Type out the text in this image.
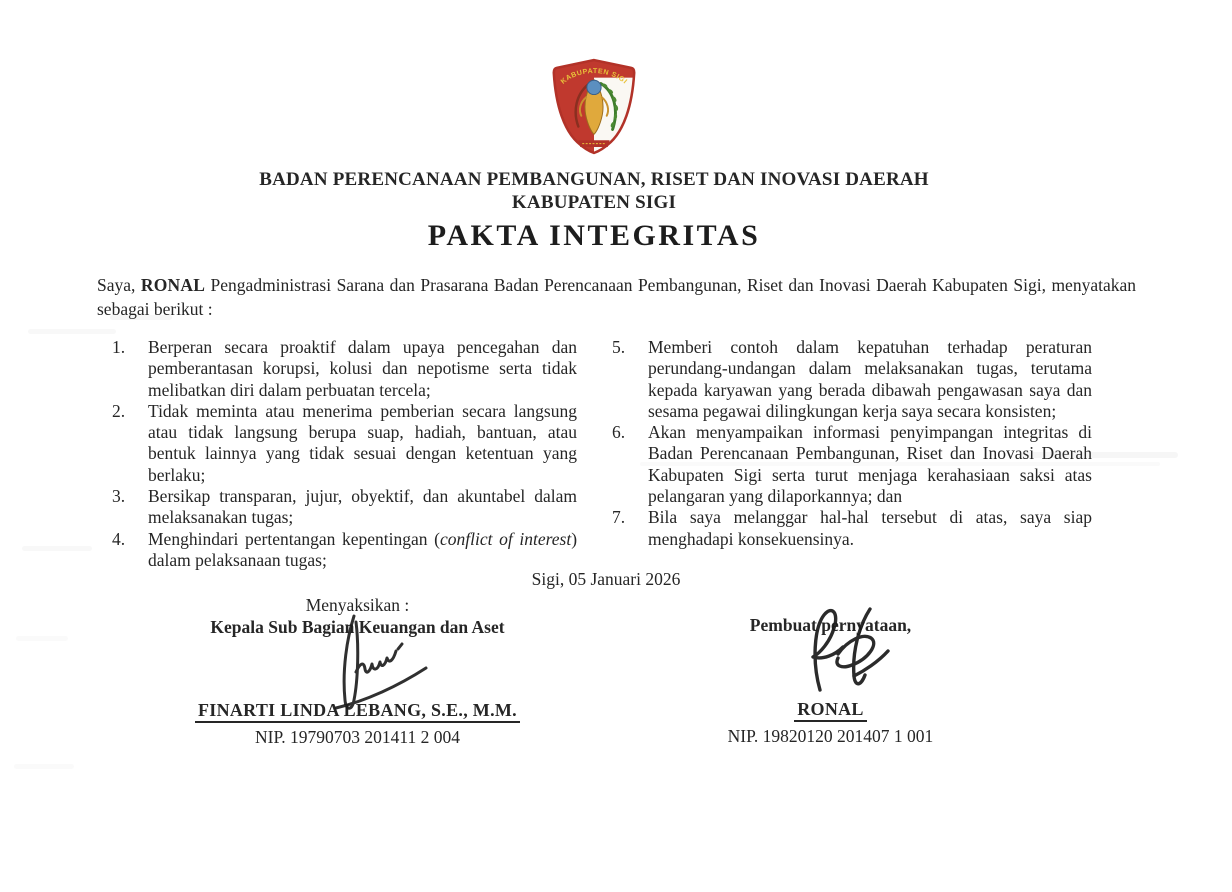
KABUPATEN SIGI
BADAN PERENCANAAN PEMBANGUNAN, RISET DAN INOVASI DAERAH
KABUPATEN SIGI
PAKTA INTEGRITAS
Saya, RONAL Pengadministrasi Sarana dan Prasarana Badan Perencanaan Pembangunan, Riset dan Inovasi Daerah Kabupaten Sigi, menyatakan sebagai berikut :
1.	Berperan secara proaktif dalam upaya pencegahan dan pemberantasan korupsi, kolusi dan nepotisme serta tidak melibatkan diri dalam perbuatan tercela;
2.	Tidak meminta atau menerima pemberian secara langsung atau tidak langsung berupa suap, hadiah, bantuan, atau bentuk lainnya yang tidak sesuai dengan ketentuan yang berlaku;
3.	Bersikap transparan, jujur, obyektif, dan akuntabel dalam melaksanakan tugas;
4.	Menghindari pertentangan kepentingan (conflict of interest) dalam pelaksanaan tugas;
5.	Memberi contoh dalam kepatuhan terhadap peraturan perundang-undangan dalam melaksanakan tugas, terutama kepada karyawan yang berada dibawah pengawasan saya dan sesama pegawai dilingkungan kerja saya secara konsisten;
6.	Akan menyampaikan informasi penyimpangan integritas di Badan Perencanaan Pembangunan, Riset dan Inovasi Daerah Kabupaten Sigi serta turut menjaga kerahasiaan saksi atas pelangaran yang dilaporkannya; dan
7.	Bila saya melanggar hal-hal tersebut di atas, saya siap menghadapi konsekuensinya.
Sigi, 05 Januari 2026
Menyaksikan :
Kepala Sub Bagian Keuangan dan Aset
FINARTI LINDA LEBANG, S.E., M.M.
NIP. 19790703 201411 2 004
Pembuat pernyataan,
RONAL
NIP. 19820120 201407 1 001
